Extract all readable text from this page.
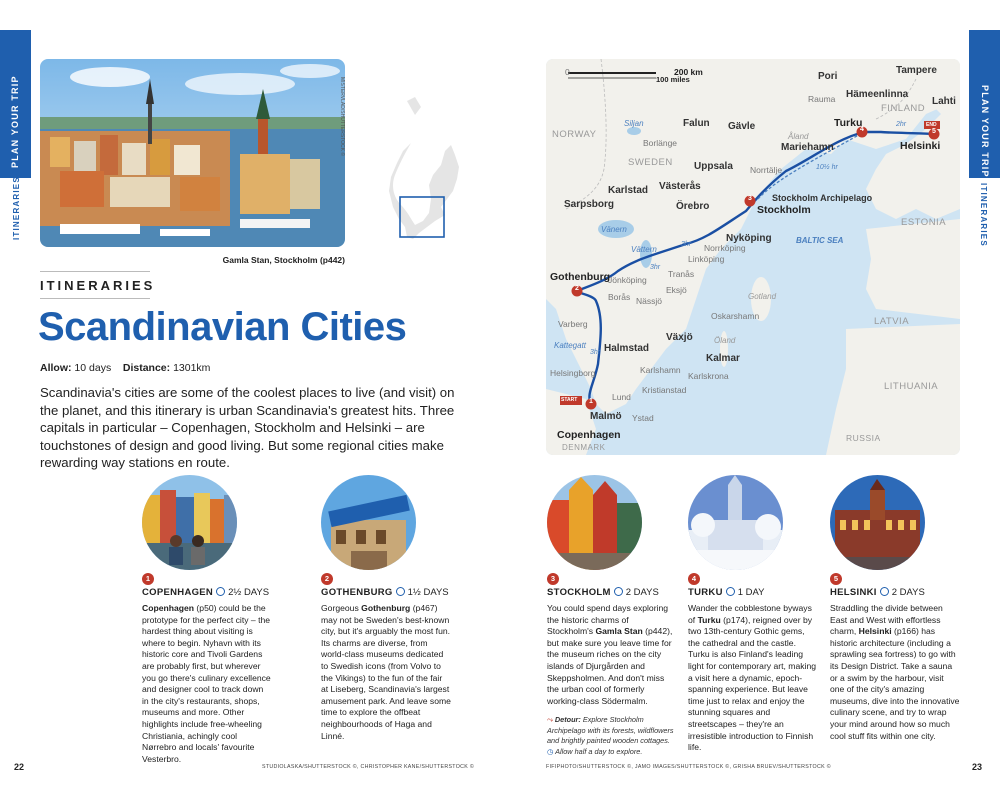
PLAN YOUR TRIP
ITINERARIES
PLAN YOUR TRIP
ITINERARIES
MISTERVLAD/SHUTTERSTOCK ©
Gamla Stan, Stockholm (p442)
ITINERARIES
Scandinavian Cities
Allow: 10 days Distance: 1301km
Scandinavia's cities are some of the coolest places to live (and visit) on the planet, and this itinerary is urban Scandinavia's greatest hits. Three capitals in particular – Copenhagen, Stockholm and Helsinki – are touchstones of design and good living. But some regional cities make rewarding way stations en route.
0	200 km
100 miles
NORWAY
SWEDEN
FINLAND
ESTONIA
LATVIA
LITHUANIA
RUSSIA
DENMARK
BALTIC SEA
Kattegatt
Vänern
Vättern
Siljan
Gotland
Öland
Åland
Gothenburg
Stockholm
Turku
Helsinki
Copenhagen
Malmö
Pori
Tampere
Rauma Hämeenlinna
Lahti
Falun Gävle
Borlänge	Mariehamn
Uppsala Norrtälje
Karlstad Västerås
Sarpsborg	Örebro
Stockholm Archipelago
Nyköping
Norrköping
Linköping
Jönköping
Tranås
Eksjö
Borås Nässjö
Varberg
Oskarshamn
Växjö
Halmstad
Kalmar
Karlshamn
Karlskrona
Kristianstad
Helsingborg
Lund
Ystad
2hr
10½ hr
3hr
3hr
3hr
1
2
3
4	5
START
END
1
COPENHAGEN 2½ DAYS
Copenhagen (p50) could be the prototype for the perfect city – the hardest thing about visiting is where to begin. Nyhavn with its historic core and Tivoli Gardens are probably first, but wherever you go there's culinary excellence and designer cool to track down in the city's restaurants, shops, museums and more. Other highlights include free-wheeling Christiania, achingly cool Nørrebro and locals' favourite Vesterbro.
2
GOTHENBURG 1½ DAYS
Gorgeous Gothenburg (p467) may not be Sweden's best-known city, but it's arguably the most fun. Its charms are diverse, from world-class museums dedicated to Swedish icons (from Volvo to the Vikings) to the fun of the fair at Liseberg, Scandinavia's largest amusement park. And leave some time to explore the offbeat neighbourhoods of Haga and Linné.
3
STOCKHOLM 2 DAYS
You could spend days exploring the historic charms of Stockholm's Gamla Stan (p442), but make sure you leave time for the museum riches on the city islands of Djurgården and Skeppsholmen. And don't miss the urban cool of formerly working-class Södermalm.
⤳ Detour: Explore Stockholm Archipelago with its forests, wildflowers and brightly painted wooden cottages.
◷ Allow half a day to explore.
4
TURKU 1 DAY
Wander the cobblestone byways of Turku (p174), reigned over by two 13th-century Gothic gems, the cathedral and the castle. Turku is also Finland's leading light for contemporary art, making a visit here a dynamic, epoch-spanning experience. But leave time just to relax and enjoy the stunning squares and streetscapes – they're an irresistible introduction to Finnish life.
5
HELSINKI 2 DAYS
Straddling the divide between East and West with effortless charm, Helsinki (p166) has historic architecture (including a sprawling sea fortress) to go with its Design District. Take a sauna or a swim by the harbour, visit one of the city's amazing museums, dive into the innovative culinary scene, and try to wrap your mind around how so much cool stuff fits within one city.
22	STUDIOLASKA/SHUTTERSTOCK ©, CHRISTOPHER KANE/SHUTTERSTOCK ©	FIFIPHOTO/SHUTTERSTOCK ©, JAMO IMAGES/SHUTTERSTOCK ©, GRISHA BRUEV/SHUTTERSTOCK ©	23
